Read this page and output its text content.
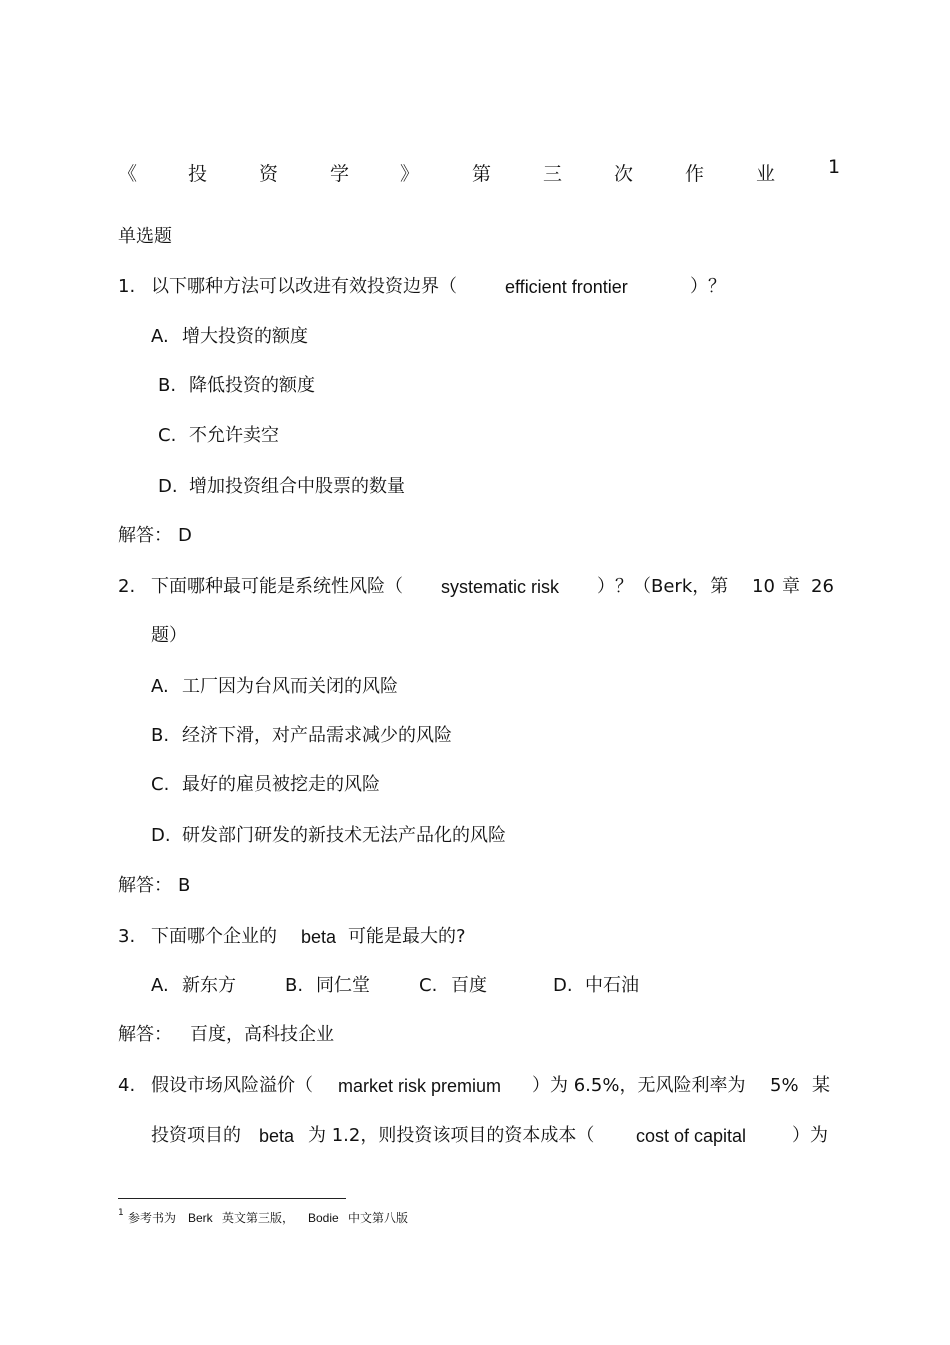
《	投	资	学	》	第	三	次	作	业	1
单选题
1. 以下哪种方法可以改进有效投资边界（	efficient frontier	）？
A. 增大投资的额度
B. 降低投资的额度
C. 不允许卖空
D. 增加投资组合中股票的数量
解答： D
2. 下面哪种最可能是系统性风险（ systematic risk ）？（Berk，第 10 章 26
题）
A. 工厂因为台风而关闭的风险
B. 经济下滑，对产品需求减少的风险
C. 最好的雇员被挖走的风险
D. 研发部门研发的新技术无法产品化的风险
解答： B
3. 下面哪个企业的 beta 可能是最大的?
A. 新东方	B. 同仁堂	C. 百度	D. 中石油
解答： 百度，高科技企业
4. 假设市场风险溢价（ market risk premium ）为 6.5%，无风险利率为 5% 某
投资项目的 beta 为 1.2，则投资该项目的资本成本（ cost of capital	）为
1 参考书为 Berk 英文第三版， Bodie 中文第八版
